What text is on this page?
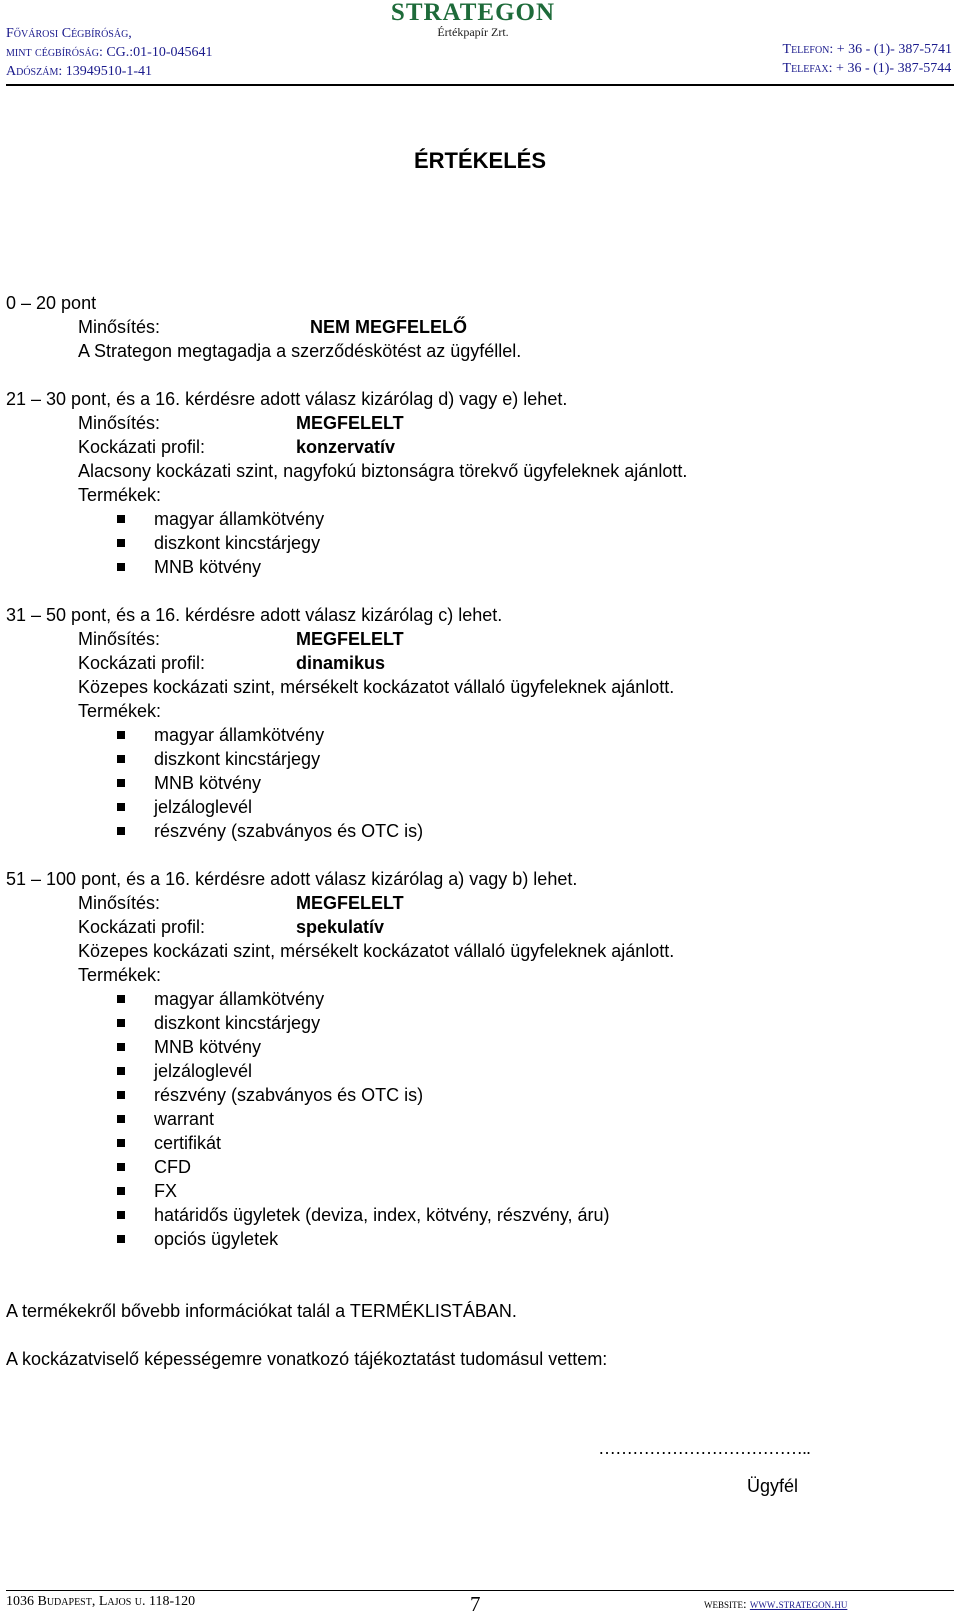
Fővárosi Cégbíróság,
mint cégbíróság: CG.:01-10-045641
Adószám: 13949510-1-41
STRATEGON
Értékpapír Zrt.
Telefon: + 36 - (1)- 387-5741
Telefax: + 36 - (1)- 387-5744
ÉRTÉKELÉS
0 – 20 pont
Minősítés:	NEM MEGFELELŐ
A Strategon megtagadja a szerződéskötést az ügyféllel.
21 – 30 pont, és a 16. kérdésre adott válasz kizárólag d) vagy e) lehet.
Minősítés:	MEGFELELT
Kockázati profil:	konzervatív
Alacsony kockázati szint, nagyfokú biztonságra törekvő ügyfeleknek ajánlott.
Termékek:
magyar államkötvény
diszkont kincstárjegy
MNB kötvény
31 – 50 pont, és a 16. kérdésre adott válasz kizárólag c) lehet.
Minősítés:	MEGFELELT
Kockázati profil:	dinamikus
Közepes kockázati szint, mérsékelt kockázatot vállaló ügyfeleknek ajánlott.
Termékek:
magyar államkötvény
diszkont kincstárjegy
MNB kötvény
jelzáloglevél
részvény (szabványos és OTC is)
51 – 100 pont, és a 16. kérdésre adott válasz kizárólag a) vagy b) lehet.
Minősítés:	MEGFELELT
Kockázati profil:	spekulatív
Közepes kockázati szint, mérsékelt kockázatot vállaló ügyfeleknek ajánlott.
Termékek:
magyar államkötvény
diszkont kincstárjegy
MNB kötvény
jelzáloglevél
részvény (szabványos és OTC is)
warrant
certifikát
CFD
FX
határidős ügyletek (deviza, index, kötvény, részvény, áru)
opciós ügyletek
A termékekről bővebb információkat talál a TERMÉKLISTÁBAN.
A kockázatviselő képességemre vonatkozó tájékoztatást tudomásul vettem:
………………………………..
Ügyfél
1036 Budapest, Lajos u. 118-120	7	website: www.strategon.hu
